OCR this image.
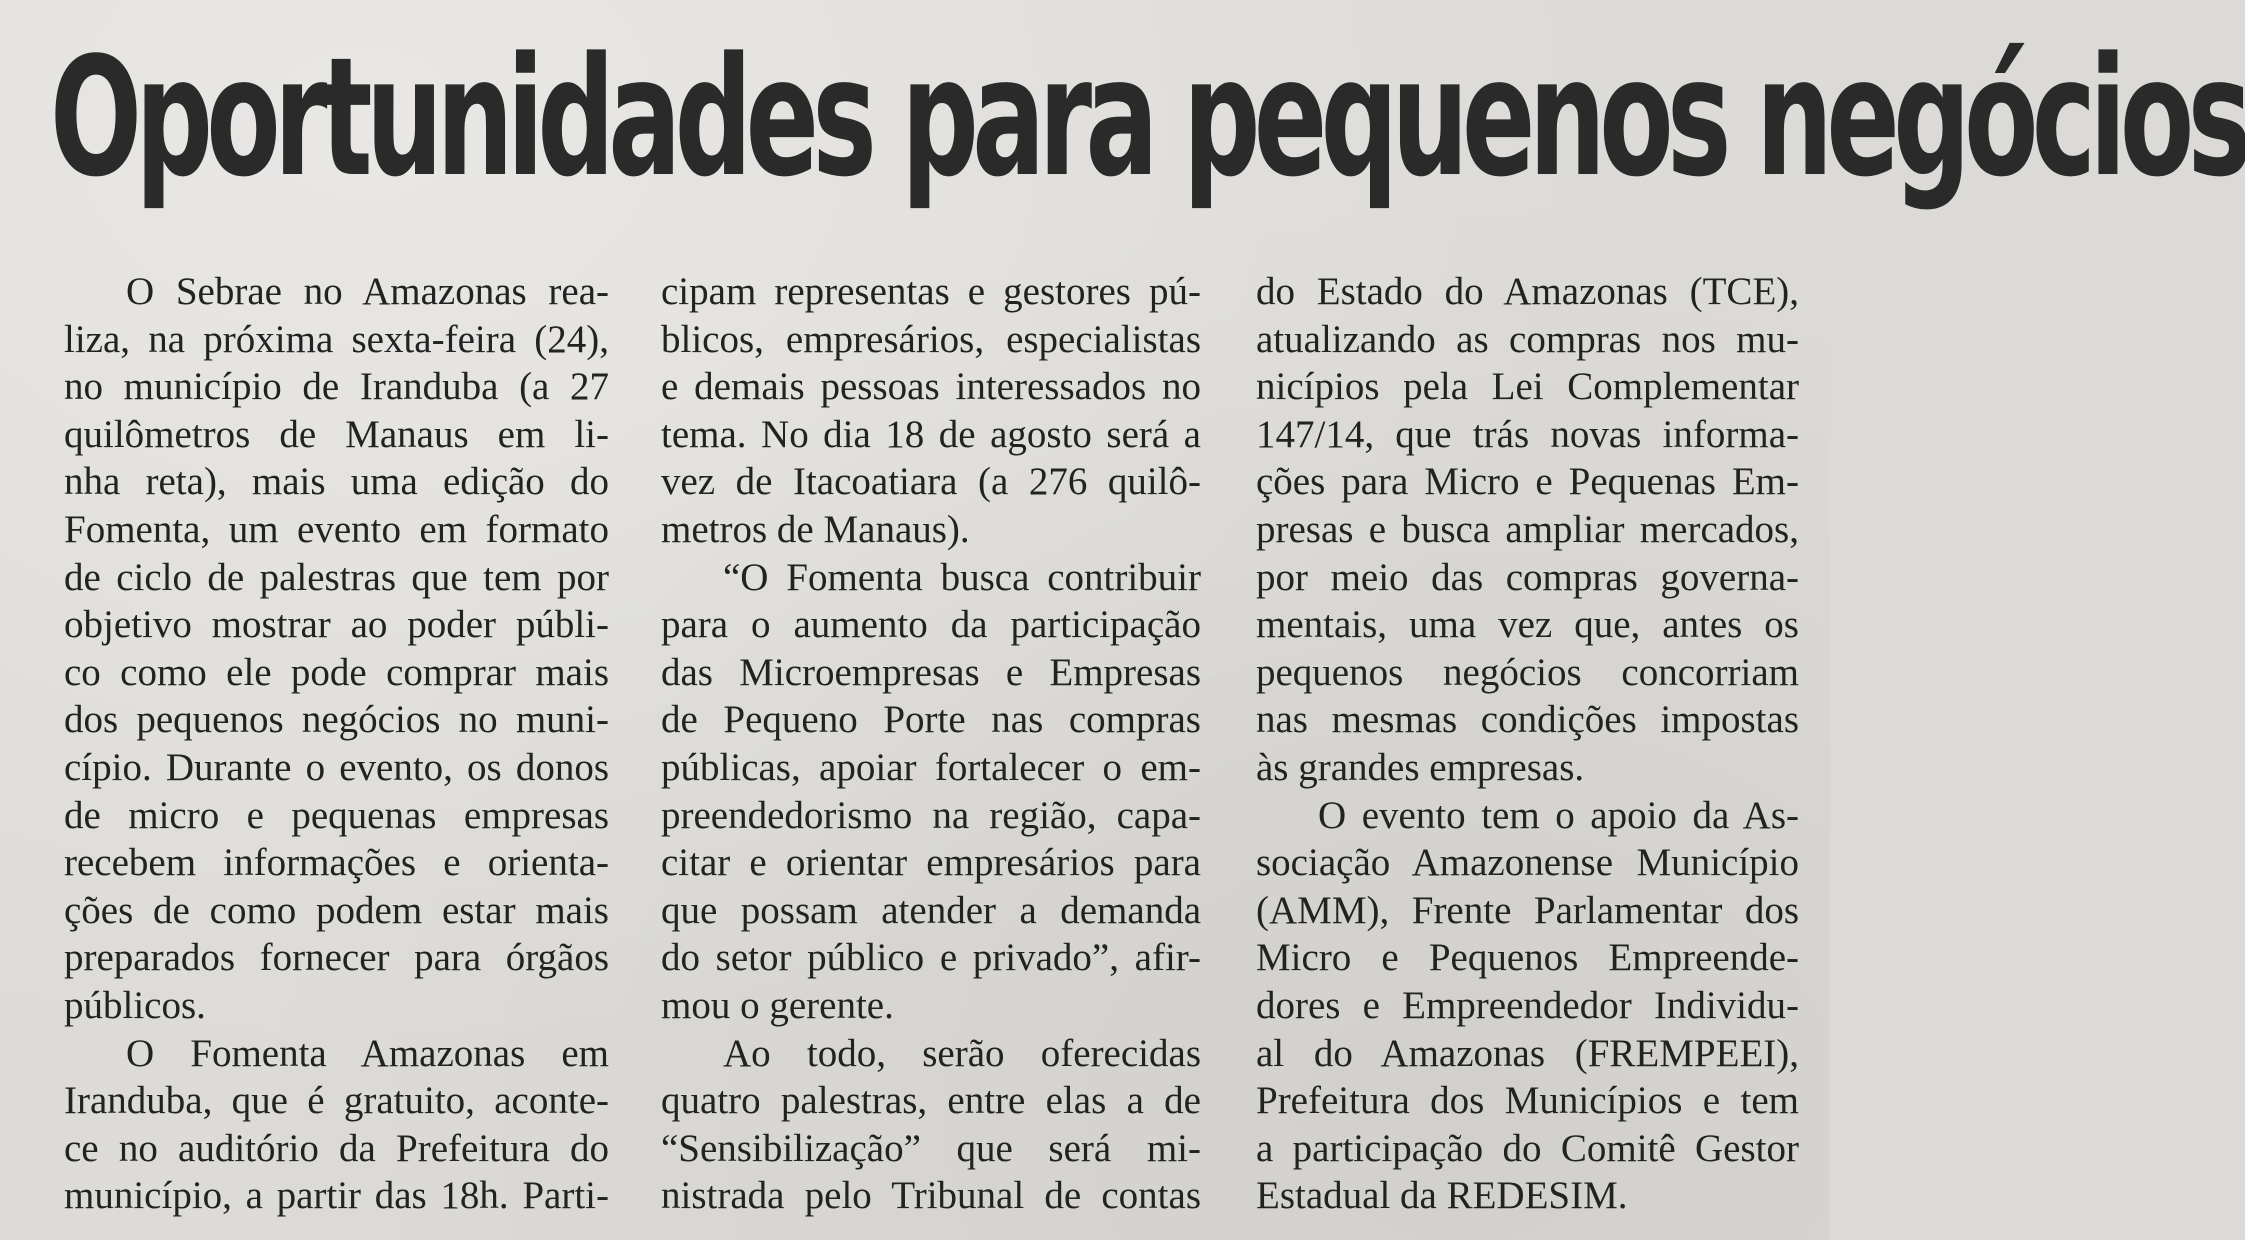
Oportunidades para pequenos negócios
O Sebrae no Amazonas rea-
liza, na próxima sexta-feira (24),
no município de Iranduba (a 27
quilômetros de Manaus em li-
nha reta), mais uma edição do
Fomenta, um evento em formato
de ciclo de palestras que tem por
objetivo mostrar ao poder públi-
co como ele pode comprar mais
dos pequenos negócios no muni-
cípio. Durante o evento, os donos
de micro e pequenas empresas
recebem informações e orienta-
ções de como podem estar mais
preparados fornecer para órgãos
públicos.
O Fomenta Amazonas em
Iranduba, que é gratuito, aconte-
ce no auditório da Prefeitura do
município, a partir das 18h. Parti-
cipam representas e gestores pú-
blicos, empresários, especialistas
e demais pessoas interessados no
tema. No dia 18 de agosto será a
vez de Itacoatiara (a 276 quilô-
metros de Manaus).
“O Fomenta busca contribuir
para o aumento da participação
das Microempresas e Empresas
de Pequeno Porte nas compras
públicas, apoiar fortalecer o em-
preendedorismo na região, capa-
citar e orientar empresários para
que possam atender a demanda
do setor público e privado”, afir-
mou o gerente.
Ao todo, serão oferecidas
quatro palestras, entre elas a de
“Sensibilização” que será mi-
nistrada pelo Tribunal de contas
do Estado do Amazonas (TCE),
atualizando as compras nos mu-
nicípios pela Lei Complementar
147/14, que trás novas informa-
ções para Micro e Pequenas Em-
presas e busca ampliar mercados,
por meio das compras governa-
mentais, uma vez que, antes os
pequenos negócios concorriam
nas mesmas condições impostas
às grandes empresas.
O evento tem o apoio da As-
sociação Amazonense Município
(AMM), Frente Parlamentar dos
Micro e Pequenos Empreende-
dores e Empreendedor Individu-
al do Amazonas (FREMPEEI),
Prefeitura dos Municípios e tem
a participação do Comitê Gestor
Estadual da REDESIM.
